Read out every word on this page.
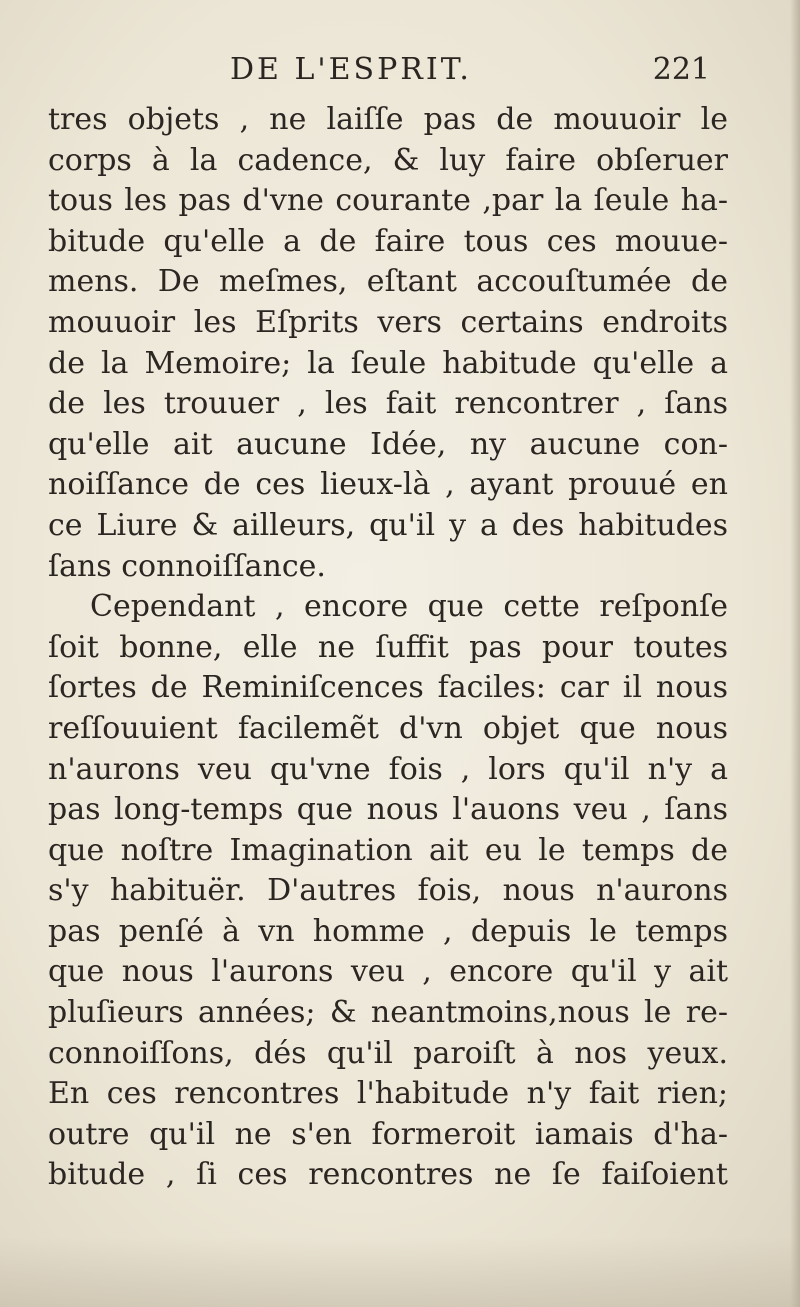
DE L'ESPRIT.	221
tres objets , ne laiſſe pas de mouuoir le
corps à la cadence, & luy faire obſeruer
tous les pas d'vne courante ,par la ſeule ha-
bitude qu'elle a de faire tous ces mouue-
mens. De meſmes, eſtant accouſtumée de
mouuoir les Eſprits vers certains endroits
de la Memoire; la ſeule habitude qu'elle a
de les trouuer , les fait rencontrer , ſans
qu'elle ait aucune Idée, ny aucune con-
noiſſance de ces lieux-là , ayant prouué en
ce Liure & ailleurs, qu'il y a des habitudes
ſans connoiſſance.
Cependant , encore que cette reſponſe
ſoit bonne, elle ne ſuffit pas pour toutes
ſortes de Reminiſcences faciles: car il nous
reſſouuient facilemẽt d'vn objet que nous
n'aurons veu qu'vne fois , lors qu'il n'y a
pas long-temps que nous l'auons veu , ſans
que noſtre Imagination ait eu le temps de
s'y habituër. D'autres fois, nous n'aurons
pas penſé à vn homme , depuis le temps
que nous l'aurons veu , encore qu'il y ait
pluſieurs années; & neantmoins,nous le re-
connoiſſons, dés qu'il paroiſt à nos yeux.
En ces rencontres l'habitude n'y fait rien;
outre qu'il ne s'en formeroit iamais d'ha-
bitude , ſi ces rencontres ne ſe faiſoient
